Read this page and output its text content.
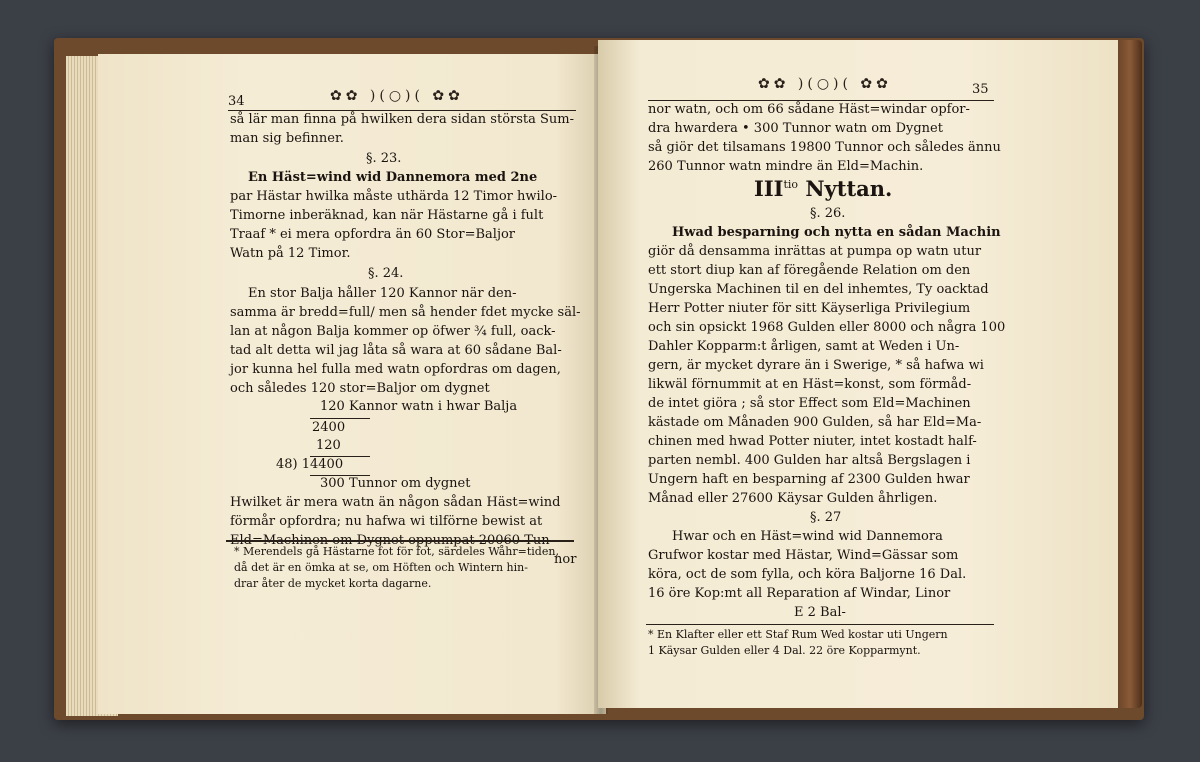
34	✿✿ )(○)( ✿✿
så lär man finna på hwilken dera sidan största Sum-
man sig befinner.
§. 23.
En Häst=wind wid Dannemora med 2ne
par Hästar hwilka måste uthärda 12 Timor hwilo-
Timorne inberäknad, kan när Hästarne gå i fult
Traaf * ei mera opfordra än 60 Stor=Baljor
Watn på 12 Timor.
§. 24.
En stor Balja håller 120 Kannor när den-
samma är bredd=full/ men så hender fdet mycke säl-
lan at någon Balja kommer op öfwer ¾ full, oack-
tad alt detta wil jag låta så wara at 60 sådane Bal-
jor kunna hel fulla med watn opfordras om dagen,
och således 120 stor=Baljor om dygnet
120 Kannor watn i hwar Balja
2400
120
48) 14400
300 Tunnor om dygnet
Hwilket är mera watn än någon sådan Häst=wind
förmår opfordra; nu hafwa wi tilförne bewist at
Eld=Machinen om Dygnet oppumpat 20060 Tun-
nor
* Merendels gå Hästarne fot för fot, särdeles Wåhr=tiden,
då det är en ömka at se, om Höften och Wintern hin-
drar åter de mycket korta dagarne.
✿✿ )(○)( ✿✿	35
nor watn, och om 66 sådane Häst=windar opfor-
dra hwardera • 300 Tunnor watn om Dygnet
så giör det tilsamans 19800 Tunnor och således ännu
260 Tunnor watn mindre än Eld=Machin.
$III^{tio}$ Nyttan.
§. 26.
Hwad besparning och nytta en sådan Machin
giör då densamma inrättas at pumpa op watn utur
ett stort diup kan af föregående Relation om den
Ungerska Machinen til en del inhemtes, Ty oacktad
Herr Potter niuter för sitt Käyserliga Privilegium
och sin opsickt 1968 Gulden eller 8000 och några 100
Dahler Kopparm:t årligen, samt at Weden i Un-
gern, är mycket dyrare än i Swerige, * så hafwa wi
likwäl förnummit at en Häst=konst, som förmåd-
de intet giöra ; så stor Effect som Eld=Machinen
kästade om Månaden 900 Gulden, så har Eld=Ma-
chinen med hwad Potter niuter, intet kostadt half-
parten nembl. 400 Gulden har altså Bergslagen i
Ungern haft en besparning af 2300 Gulden hwar
Månad eller 27600 Käysar Gulden åhrligen.
§. 27
Hwar och en Häst=wind wid Dannemora
Grufwor kostar med Hästar, Wind=Gässar som
köra, oct de som fylla, och köra Baljorne 16 Dal.
16 öre Kop:mt all Reparation af Windar, Linor
E 2 Bal-
* En Klafter eller ett Staf Rum Wed kostar uti Ungern
1 Käysar Gulden eller 4 Dal. 22 öre Kopparmynt.
